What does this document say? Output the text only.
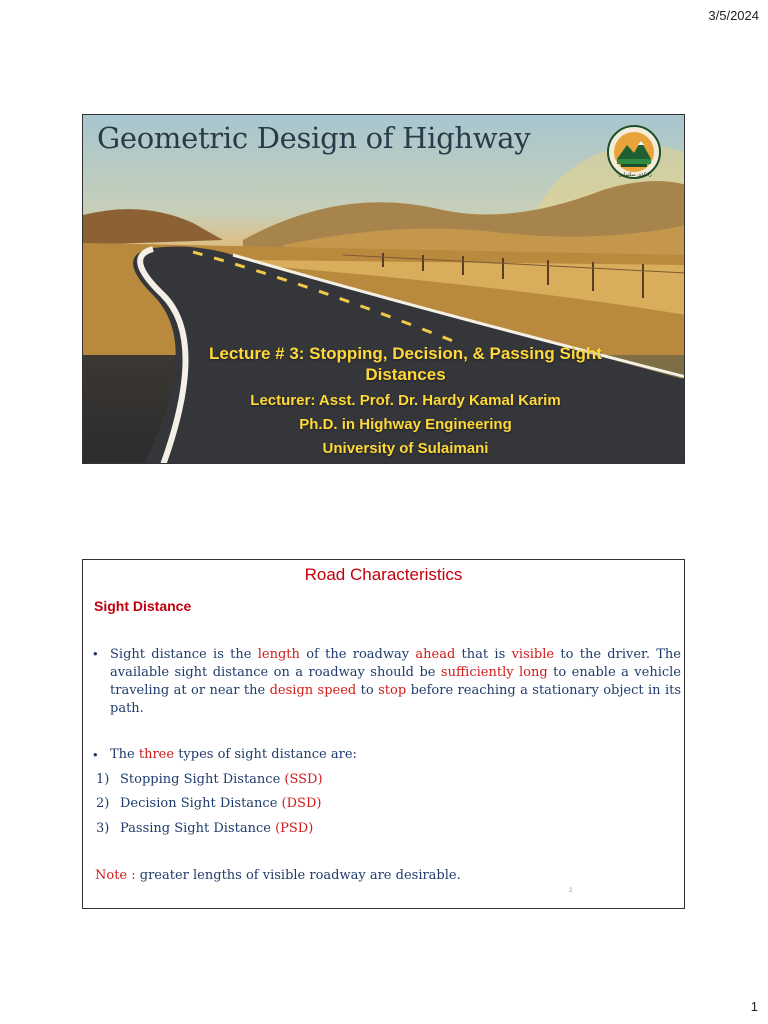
3/5/2024
Geometric Design of Highway
زانكۆی سلێمانی
Lecture # 3: Stopping, Decision, & Passing Sight Distances
Lecturer: Asst. Prof. Dr. Hardy Kamal Karim
Ph.D. in Highway Engineering
University of Sulaimani
Road Characteristics
Sight Distance
• Sight distance is the length of the roadway ahead that is visible to the driver. The available sight distance on a roadway should be sufficiently long to enable a vehicle traveling at or near the design speed to stop before reaching a stationary object in its path.
• The three types of sight distance are:
1) Stopping Sight Distance (SSD)
2) Decision Sight Distance (DSD)
3) Passing Sight Distance (PSD)
Note : greater lengths of visible roadway are desirable.
2
1
